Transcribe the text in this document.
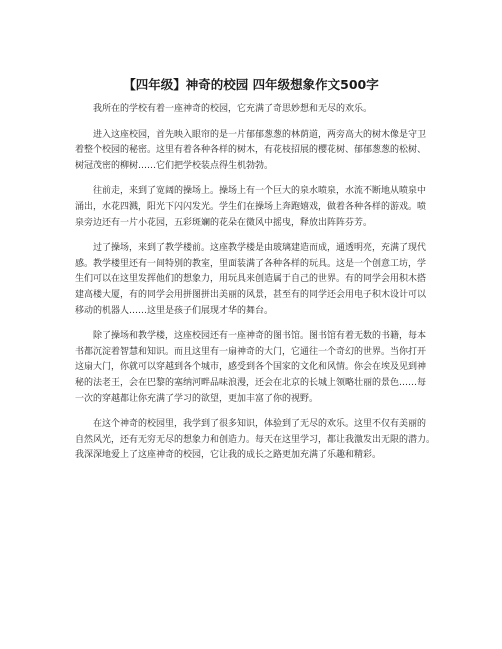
【四年级】神奇的校园 四年级想象作文500字
我所在的学校有着一座神奇的校园，它充满了奇思妙想和无尽的欢乐。
进入这座校园，首先映入眼帘的是一片郁郁葱葱的林荫道，两旁高大的树木像是守卫
着整个校园的秘密。这里有着各种各样的树木，有花枝招展的樱花树、郁郁葱葱的松树、
树冠茂密的柳树……它们把学校装点得生机勃勃。
往前走，来到了宽阔的操场上。操场上有一个巨大的泉水喷泉，水流不断地从喷泉中
涌出，水花四溅，阳光下闪闪发光。学生们在操场上奔跑嬉戏，做着各种各样的游戏。喷
泉旁边还有一片小花园，五彩斑斓的花朵在微风中摇曳，释放出阵阵芬芳。
过了操场，来到了教学楼前。这座教学楼是由玻璃建造而成，通透明亮，充满了现代
感。教学楼里还有一间特别的教室，里面装满了各种各样的玩具。这是一个创意工坊，学
生们可以在这里发挥他们的想象力，用玩具来创造属于自己的世界。有的同学会用积木搭
建高楼大厦，有的同学会用拼图拼出美丽的风景，甚至有的同学还会用电子积木设计可以
移动的机器人……这里是孩子们展现才华的舞台。
除了操场和教学楼，这座校园还有一座神奇的图书馆。图书馆有着无数的书籍，每本
书都沉淀着智慧和知识。而且这里有一扇神奇的大门，它通往一个奇幻的世界。当你打开
这扇大门，你就可以穿越到各个城市，感受到各个国家的文化和风情。你会在埃及见到神
秘的法老王，会在巴黎的塞纳河畔品味浪漫，还会在北京的长城上领略壮丽的景色……每
一次的穿越都让你充满了学习的欲望，更加丰富了你的视野。
在这个神奇的校园里，我学到了很多知识，体验到了无尽的欢乐。这里不仅有美丽的
自然风光，还有无穷无尽的想象力和创造力。每天在这里学习，都让我激发出无限的潜力。
我深深地爱上了这座神奇的校园，它让我的成长之路更加充满了乐趣和精彩。
